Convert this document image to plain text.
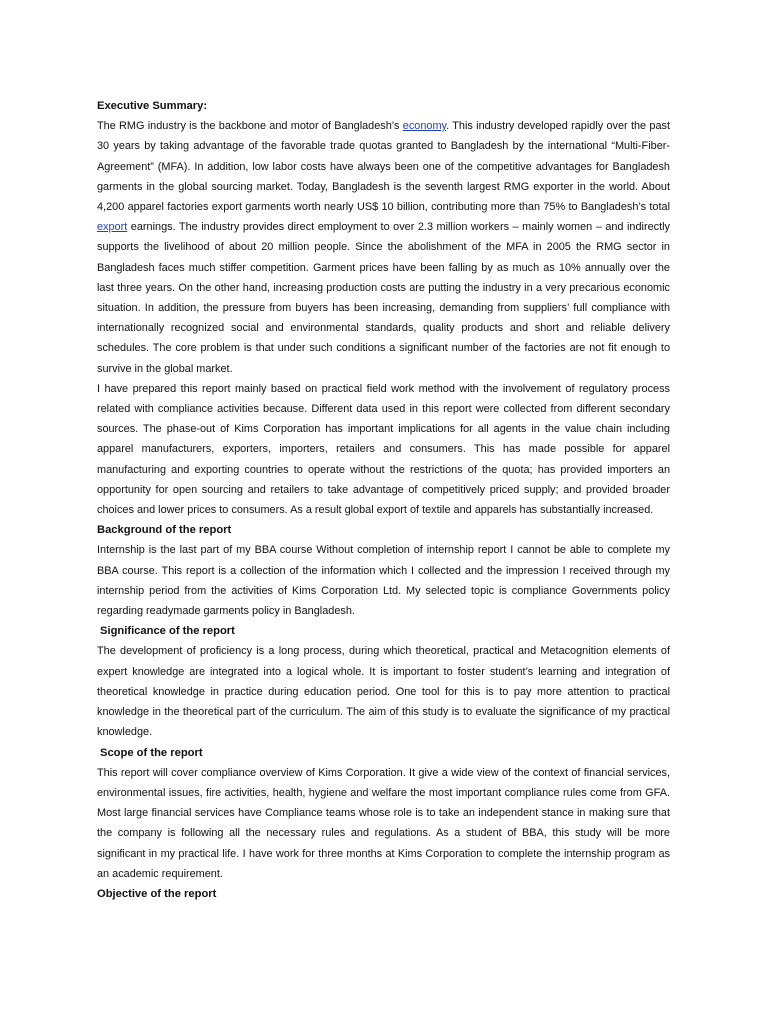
Executive Summary:

The RMG industry is the backbone and motor of Bangladesh’s economy. This industry developed rapidly over the past 30 years by taking advantage of the favorable trade quotas granted to Bangladesh by the international “Multi-Fiber-Agreement” (MFA). In addition, low labor costs have always been one of the competitive advantages for Bangladesh garments in the global sourcing market. Today, Bangladesh is the seventh largest RMG exporter in the world. About 4,200 apparel factories export garments worth nearly US$ 10 billion, contributing more than 75% to Bangladesh’s total export earnings. The industry provides direct employment to over 2.3 million workers – mainly women – and indirectly supports the livelihood of about 20 million people. Since the abolishment of the MFA in 2005 the RMG sector in Bangladesh faces much stiffer competition. Garment prices have been falling by as much as 10% annually over the last three years. On the other hand, increasing production costs are putting the industry in a very precarious economic situation. In addition, the pressure from buyers has been increasing, demanding from suppliers’ full compliance with internationally recognized social and environmental standards, quality products and short and reliable delivery schedules. The core problem is that under such conditions a significant number of the factories are not fit enough to survive in the global market.

I have prepared this report mainly based on practical field work method with the involvement of regulatory process related with compliance activities because. Different data used in this report were collected from different secondary sources. The phase-out of Kims Corporation has important implications for all agents in the value chain including apparel manufacturers, exporters, importers, retailers and consumers. This has made possible for apparel manufacturing and exporting countries to operate without the restrictions of the quota; has provided importers an opportunity for open sourcing and retailers to take advantage of competitively priced supply; and provided broader choices and lower prices to consumers. As a result global export of textile and apparels has substantially increased.

Background of the report

Internship is the last part of my BBA course Without completion of internship report I cannot be able to complete my BBA course. This report is a collection of the information which I collected and the impression I received through my internship period from the activities of Kims Corporation Ltd. My selected topic is compliance Governments policy regarding readymade garments policy in Bangladesh.

Significance of the report

The development of proficiency is a long process, during which theoretical, practical and Metacognition elements of expert knowledge are integrated into a logical whole. It is important to foster student’s learning and integration of theoretical knowledge in practice during education period. One tool for this is to pay more attention to practical knowledge in the theoretical part of the curriculum. The aim of this study is to evaluate the significance of my practical knowledge.

Scope of the report

This report will cover compliance overview of Kims Corporation. It give a wide view of the context of financial services, environmental issues, fire activities, health, hygiene and welfare the most important compliance rules come from GFA. Most large financial services have Compliance teams whose role is to take an independent stance in making sure that the company is following all the necessary rules and regulations. As a student of BBA, this study will be more significant in my practical life. I have work for three months at Kims Corporation to complete the internship program as an academic requirement.

Objective of the report
